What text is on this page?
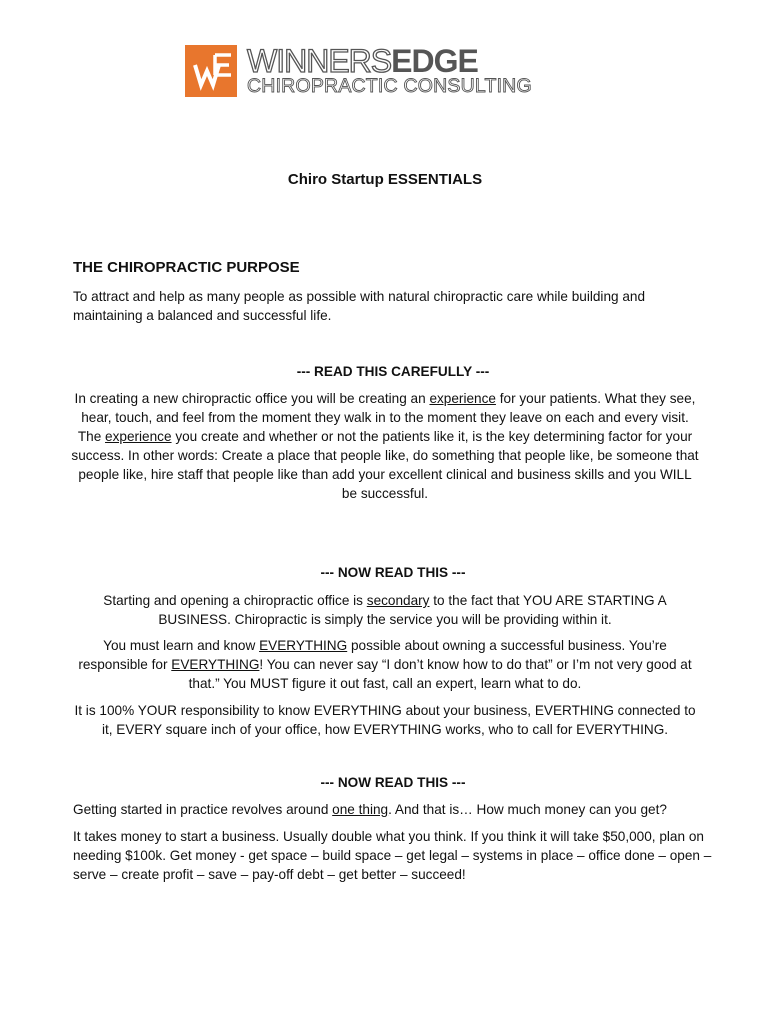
WINNERSEDGE
CHIROPRACTIC CONSULTING
Chiro Startup ESSENTIALS
THE CHIROPRACTIC PURPOSE

To attract and help as many people as possible with natural chiropractic care while building and maintaining a balanced and successful life.

--- READ THIS CAREFULLY ---

In creating a new chiropractic office you will be creating an experience for your patients. What they see, hear, touch, and feel from the moment they walk in to the moment they leave on each and every visit. The experience you create and whether or not the patients like it, is the key determining factor for your success. In other words: Create a place that people like, do something that people like, be someone that people like, hire staff that people like than add your excellent clinical and business skills and you WILL be successful.

--- NOW READ THIS ---

Starting and opening a chiropractic office is secondary to the fact that YOU ARE STARTING A BUSINESS. Chiropractic is simply the service you will be providing within it.

You must learn and know EVERYTHING possible about owning a successful business. You’re responsible for EVERYTHING! You can never say “I don’t know how to do that” or I’m not very good at that.” You MUST figure it out fast, call an expert, learn what to do.

It is 100% YOUR responsibility to know EVERYTHING about your business, EVERTHING connected to it, EVERY square inch of your office, how EVERYTHING works, who to call for EVERYTHING.

--- NOW READ THIS ---

Getting started in practice revolves around one thing. And that is… How much money can you get?

It takes money to start a business. Usually double what you think. If you think it will take $50,000, plan on needing $100k. Get money - get space – build space – get legal – systems in place – office done – open – serve – create profit – save – pay-off debt – get better – succeed!
